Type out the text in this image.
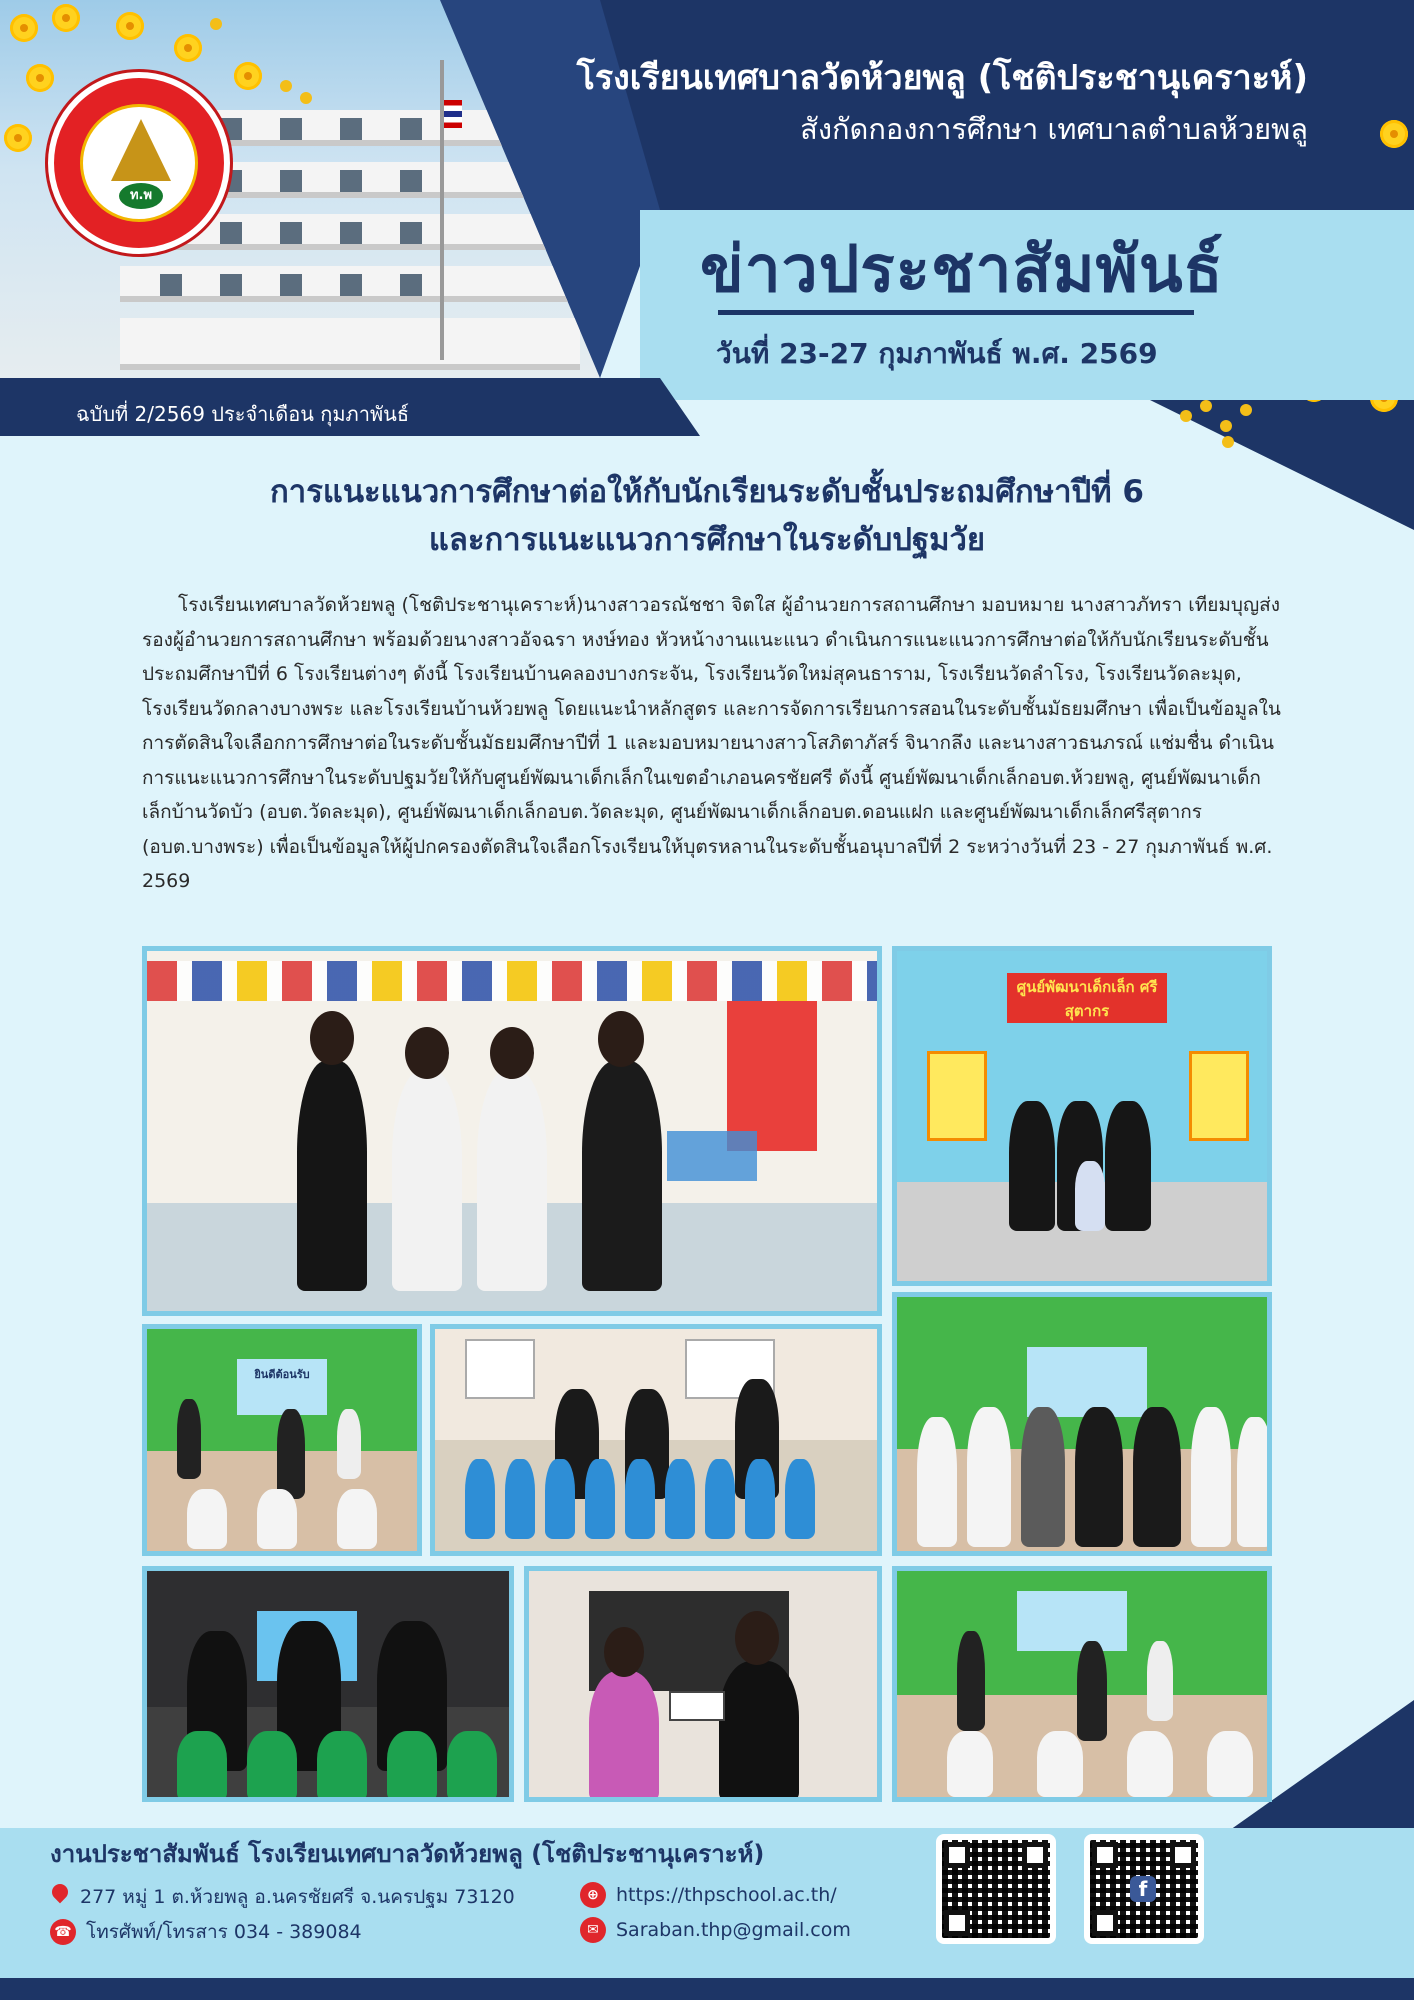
ท.พ
โรงเรียนเทศบาลวัดห้วยพลู (โชติประชานุเคราะห์)
สังกัดกองการศึกษา เทศบาลตำบลห้วยพลู
ข่าวประชาสัมพันธ์
วันที่ 23-27 กุมภาพันธ์ พ.ศ. 2569
ฉบับที่ 2/2569 ประจำเดือน กุมภาพันธ์
การแนะแนวการศึกษาต่อให้กับนักเรียนระดับชั้นประถมศึกษาปีที่ 6
และการแนะแนวการศึกษาในระดับปฐมวัย

โรงเรียนเทศบาลวัดห้วยพลู (โชติประชานุเคราะห์)นางสาวอรณัชชา จิตใส ผู้อำนวยการสถานศึกษา มอบหมาย นางสาวภัทรา เทียมบุญส่ง รองผู้อำนวยการสถานศึกษา พร้อมด้วยนางสาวอัจฉรา หงษ์ทอง หัวหน้างานแนะแนว ดำเนินการแนะแนวการศึกษาต่อให้กับนักเรียนระดับชั้นประถมศึกษาปีที่ 6 โรงเรียนต่างๆ ดังนี้ โรงเรียนบ้านคลองบางกระจัน, โรงเรียนวัดใหม่สุคนธาราม, โรงเรียนวัดลำโรง, โรงเรียนวัดละมุด, โรงเรียนวัดกลางบางพระ และโรงเรียนบ้านห้วยพลู โดยแนะนำหลักสูตร และการจัดการเรียนการสอนในระดับชั้นมัธยมศึกษา เพื่อเป็นข้อมูลในการตัดสินใจเลือกการศึกษาต่อในระดับชั้นมัธยมศึกษาปีที่ 1 และมอบหมายนางสาวโสภิตาภัสร์ จินากลึง และนางสาวธนภรณ์ แช่มชื่น ดำเนินการแนะแนวการศึกษาในระดับปฐมวัยให้กับศูนย์พัฒนาเด็กเล็กในเขตอำเภอนครชัยศรี ดังนี้ ศูนย์พัฒนาเด็กเล็กอบต.ห้วยพลู, ศูนย์พัฒนาเด็กเล็กบ้านวัดบัว (อบต.วัดละมุด), ศูนย์พัฒนาเด็กเล็กอบต.วัดละมุด, ศูนย์พัฒนาเด็กเล็กอบต.ดอนแฝก และศูนย์พัฒนาเด็กเล็กศรีสุตากร (อบต.บางพระ) เพื่อเป็นข้อมูลให้ผู้ปกครองตัดสินใจเลือกโรงเรียนให้บุตรหลานในระดับชั้นอนุบาลปีที่ 2 ระหว่างวันที่ 23 - 27 กุมภาพันธ์ พ.ศ. 2569

ศูนย์พัฒนาเด็กเล็ก ศรีสุตากร
ยินดีต้อนรับ
งานประชาสัมพันธ์ โรงเรียนเทศบาลวัดห้วยพลู (โชติประชานุเคราะห์)
277 หมู่ 1 ต.ห้วยพลู อ.นครชัยศรี จ.นครปฐม 73120
☎ โทรศัพท์/โทรสาร 034 - 389084
⊕ https://thpschool.ac.th/
✉ Saraban.thp@gmail.com
f
